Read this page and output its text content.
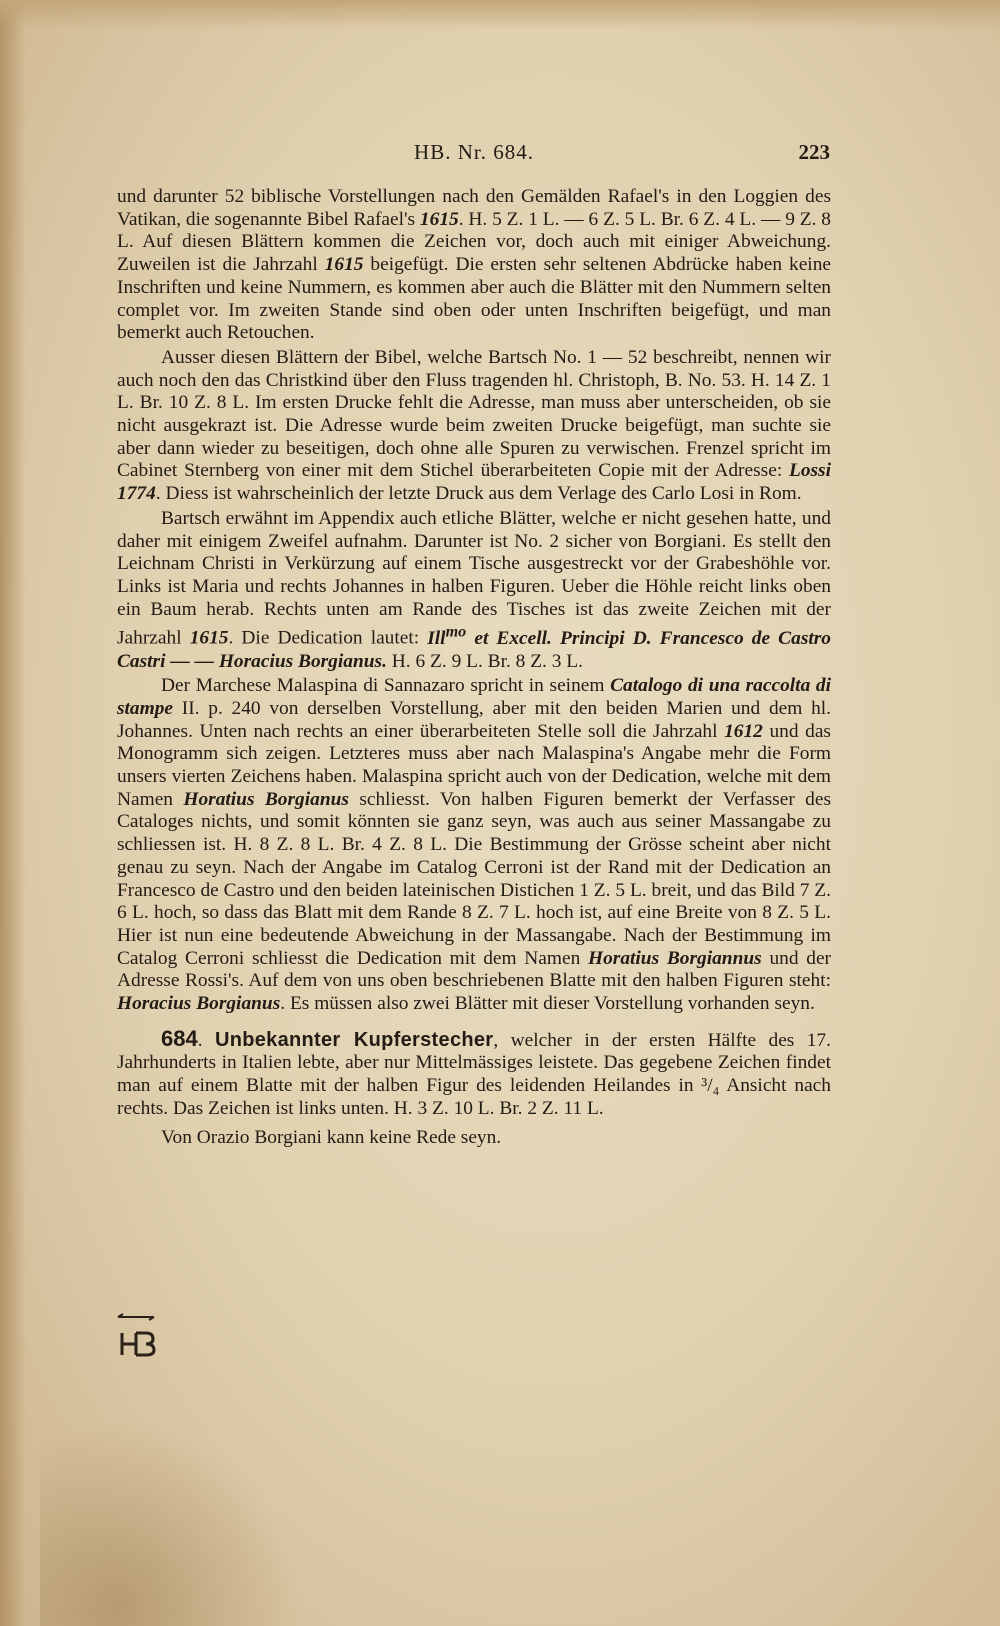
HB. Nr. 684.	223

und darunter 52 biblische Vorstellungen nach den Gemälden Rafael's in den Loggien des Vatikan, die sogenannte Bibel Rafael's 1615. H. 5 Z. 1 L. — 6 Z. 5 L. Br. 6 Z. 4 L. — 9 Z. 8 L. Auf diesen Blättern kommen die Zeichen vor, doch auch mit einiger Abweichung. Zuweilen ist die Jahrzahl 1615 beigefügt. Die ersten sehr seltenen Abdrücke haben keine Inschriften und keine Nummern, es kommen aber auch die Blätter mit den Nummern selten complet vor. Im zweiten Stande sind oben oder unten Inschriften beigefügt, und man bemerkt auch Retouchen.

Ausser diesen Blättern der Bibel, welche Bartsch No. 1 — 52 beschreibt, nennen wir auch noch den das Christkind über den Fluss tragenden hl. Christoph, B. No. 53. H. 14 Z. 1 L. Br. 10 Z. 8 L. Im ersten Drucke fehlt die Adresse, man muss aber unterscheiden, ob sie nicht ausgekrazt ist. Die Adresse wurde beim zweiten Drucke beigefügt, man suchte sie aber dann wieder zu beseitigen, doch ohne alle Spuren zu verwischen. Frenzel spricht im Cabinet Sternberg von einer mit dem Stichel überarbeiteten Copie mit der Adresse: Lossi 1774. Diess ist wahrscheinlich der letzte Druck aus dem Verlage des Carlo Losi in Rom.

Bartsch erwähnt im Appendix auch etliche Blätter, welche er nicht gesehen hatte, und daher mit einigem Zweifel aufnahm. Darunter ist No. 2 sicher von Borgiani. Es stellt den Leichnam Christi in Verkürzung auf einem Tische ausgestreckt vor der Grabeshöhle vor. Links ist Maria und rechts Johannes in halben Figuren. Ueber die Höhle reicht links oben ein Baum herab. Rechts unten am Rande des Tisches ist das zweite Zeichen mit der Jahrzahl 1615. Die Dedication lautet: Ill$^{mo}$ et Excell. Principi D. Francesco de Castro Castri — — Horacius Borgianus. H. 6 Z. 9 L. Br. 8 Z. 3 L.

Der Marchese Malaspina di Sannazaro spricht in seinem Catalogo di una raccolta di stampe II. p. 240 von derselben Vorstellung, aber mit den beiden Marien und dem hl. Johannes. Unten nach rechts an einer überarbeiteten Stelle soll die Jahrzahl 1612 und das Monogramm sich zeigen. Letzteres muss aber nach Malaspina's Angabe mehr die Form unsers vierten Zeichens haben. Malaspina spricht auch von der Dedication, welche mit dem Namen Horatius Borgianus schliesst. Von halben Figuren bemerkt der Verfasser des Cataloges nichts, und somit könnten sie ganz seyn, was auch aus seiner Massangabe zu schliessen ist. H. 8 Z. 8 L. Br. 4 Z. 8 L. Die Bestimmung der Grösse scheint aber nicht genau zu seyn. Nach der Angabe im Catalog Cerroni ist der Rand mit der Dedication an Francesco de Castro und den beiden lateinischen Distichen 1 Z. 5 L. breit, und das Bild 7 Z. 6 L. hoch, so dass das Blatt mit dem Rande 8 Z. 7 L. hoch ist, auf eine Breite von 8 Z. 5 L. Hier ist nun eine bedeutende Abweichung in der Massangabe. Nach der Bestimmung im Catalog Cerroni schliesst die Dedication mit dem Namen Horatius Borgiannus und der Adresse Rossi's. Auf dem von uns oben beschriebenen Blatte mit den halben Figuren steht: Horacius Borgianus. Es müssen also zwei Blätter mit dieser Vorstellung vorhanden seyn.

684. Unbekannter Kupferstecher, welcher in der ersten Hälfte des 17. Jahrhunderts in Italien lebte, aber nur Mittelmässiges leistete. Das gegebene Zeichen findet man auf einem Blatte mit der halben Figur des leidenden Heilandes in ³/₄ Ansicht nach rechts. Das Zeichen ist links unten. H. 3 Z. 10 L. Br. 2 Z. 11 L.

Von Orazio Borgiani kann keine Rede seyn.
